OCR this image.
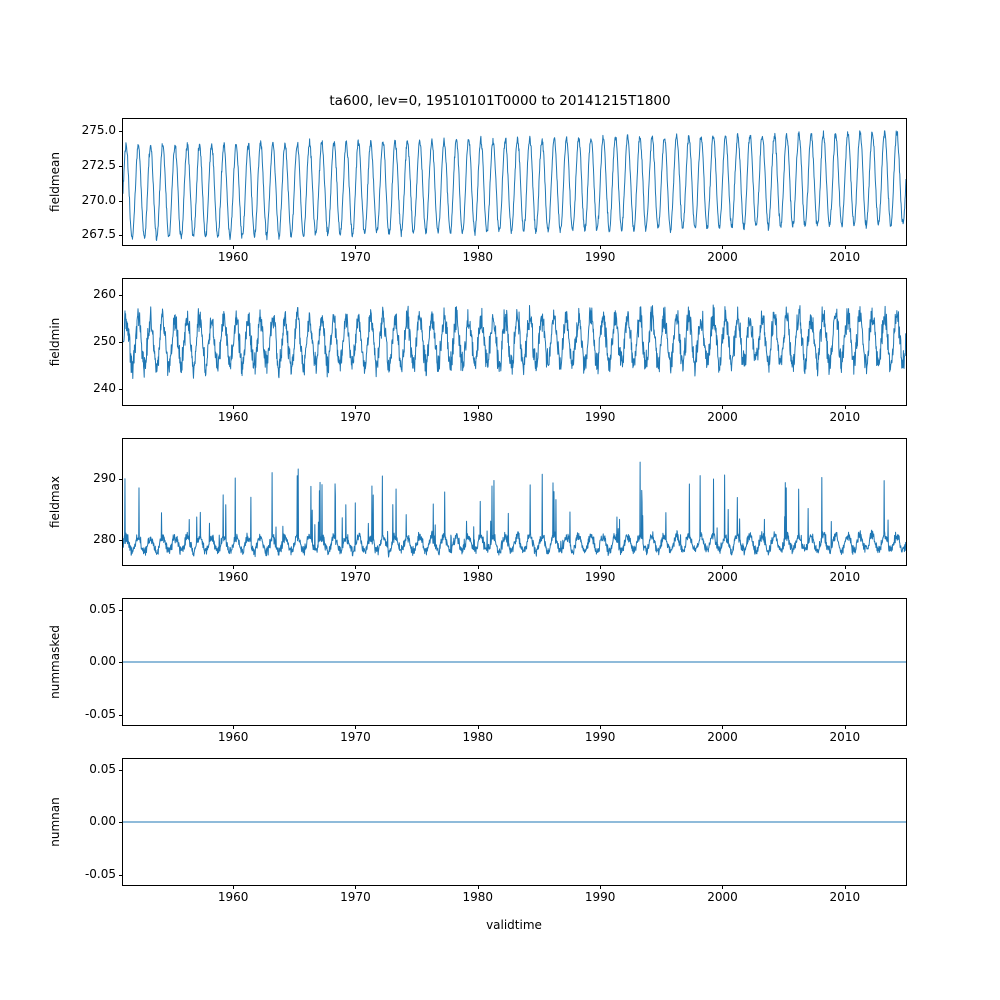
ta600, lev=0, 19510101T0000 to 20141215T1800
fieldmean
fieldmin
fieldmax
nummasked
numnan
validtime
267.5
270.0
272.5
275.0
1960	1970	1980	1990	2000	2010
240
250
260
1960	1970	1980	1990	2000	2010
280
290
1960	1970	1980	1990	2000	2010
-0.05
0.00
0.05
1960	1970	1980	1990	2000	2010
-0.05
0.00
0.05
1960	1970	1980	1990	2000	2010
